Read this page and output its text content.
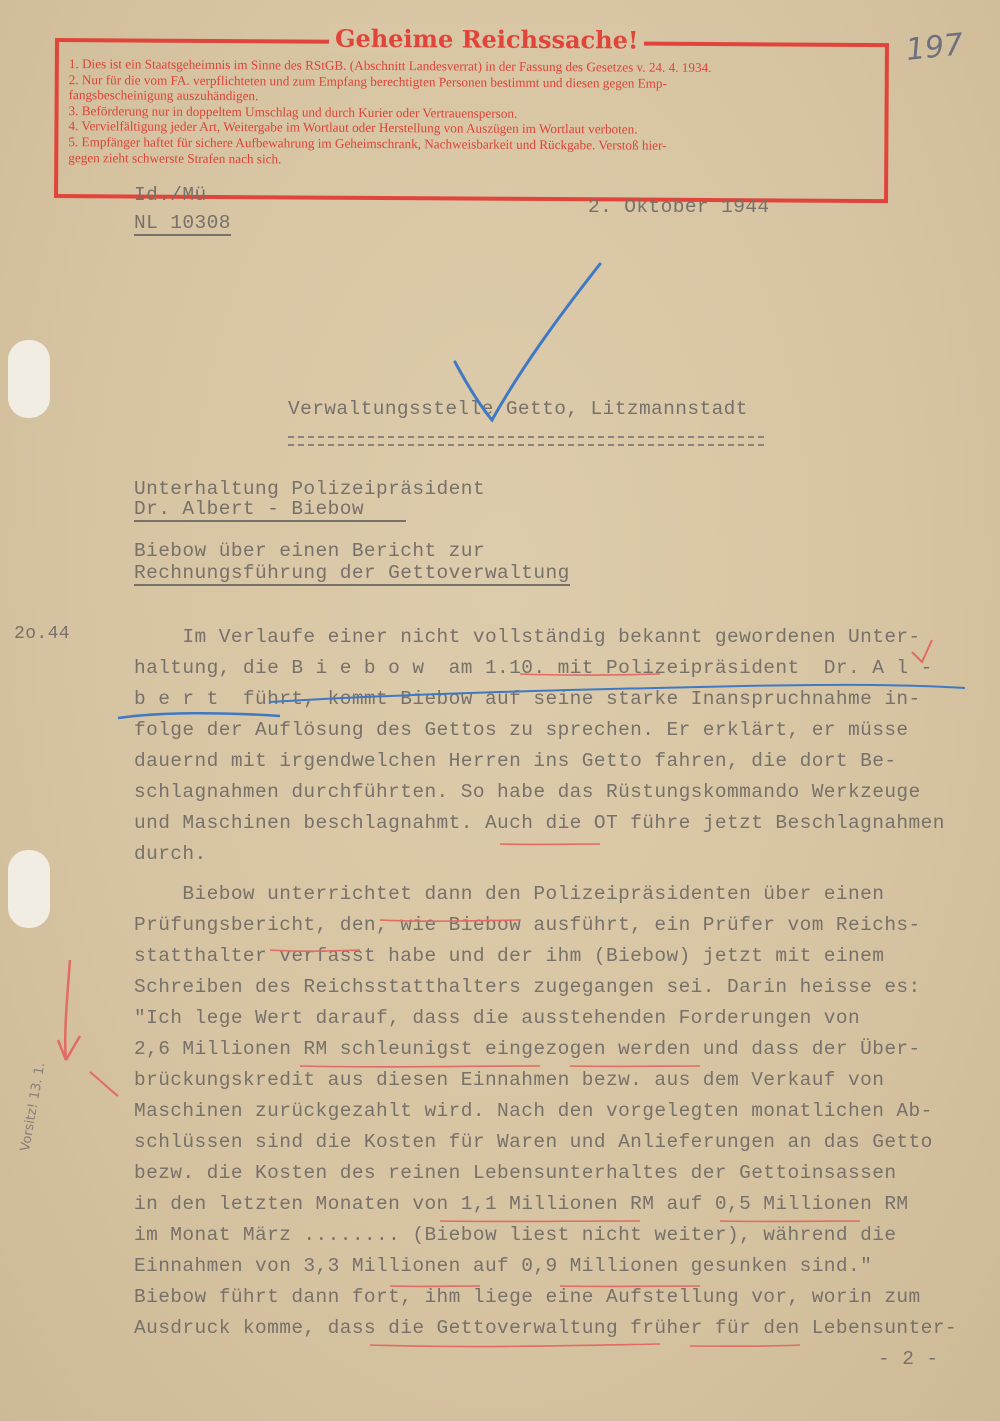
Geheime Reichssache!
1. Dies ist ein Staatsgeheimnis im Sinne des RStGB. (Abschnitt Landesverrat) in der Fassung des Gesetzes v. 24. 4. 1934.
2. Nur für die vom FA. verpflichteten und zum Empfang berechtigten Personen bestimmt und diesen gegen Emp-
fangsbescheinigung auszuhändigen.
3. Beförderung nur in doppeltem Umschlag und durch Kurier oder Vertrauensperson.
4. Vervielfältigung jeder Art, Weitergabe im Wortlaut oder Herstellung von Auszügen im Wortlaut verboten.
5. Empfänger haftet für sichere Aufbewahrung im Geheimschrank, Nachweisbarkeit und Rückgabe. Verstoß hier-
gegen zieht schwerste Strafen nach sich.
197
Id./Mü
NL 10308
2. Oktober 1944
Verwaltungsstelle Getto, Litzmannstadt
Unterhaltung Polizeipräsident
Dr. Albert - Biebow
Biebow über einen Bericht zur
Rechnungsführung der Gettoverwaltung
2o.44
Vorsitz! 13. 1.
Im Verlaufe einer nicht vollständig bekannt gewordenen Unter-
haltung, die B i e b o w  am 1.10. mit Polizeipräsident  Dr. A l -
b e r t  führt, kommt Biebow auf seine starke Inanspruchnahme in-
folge der Auflösung des Gettos zu sprechen. Er erklärt, er müsse
dauernd mit irgendwelchen Herren ins Getto fahren, die dort Be-
schlagnahmen durchführten. So habe das Rüstungskommando Werkzeuge
und Maschinen beschlagnahmt. Auch die OT führe jetzt Beschlagnahmen
durch.
Biebow unterrichtet dann den Polizeipräsidenten über einen
Prüfungsbericht, den, wie Biebow ausführt, ein Prüfer vom Reichs-
statthalter verfasst habe und der ihm (Biebow) jetzt mit einem
Schreiben des Reichsstatthalters zugegangen sei. Darin heisse es:
"Ich lege Wert darauf, dass die ausstehenden Forderungen von
2,6 Millionen RM schleunigst eingezogen werden und dass der Über-
brückungskredit aus diesen Einnahmen bezw. aus dem Verkauf von
Maschinen zurückgezahlt wird. Nach den vorgelegten monatlichen Ab-
schlüssen sind die Kosten für Waren und Anlieferungen an das Getto
bezw. die Kosten des reinen Lebensunterhaltes der Gettoinsassen
in den letzten Monaten von 1,1 Millionen RM auf 0,5 Millionen RM
im Monat März ........ (Biebow liest nicht weiter), während die
Einnahmen von 3,3 Millionen auf 0,9 Millionen gesunken sind."
Biebow führt dann fort, ihm liege eine Aufstellung vor, worin zum
Ausdruck komme, dass die Gettoverwaltung früher für den Lebensunter-
- 2 -
